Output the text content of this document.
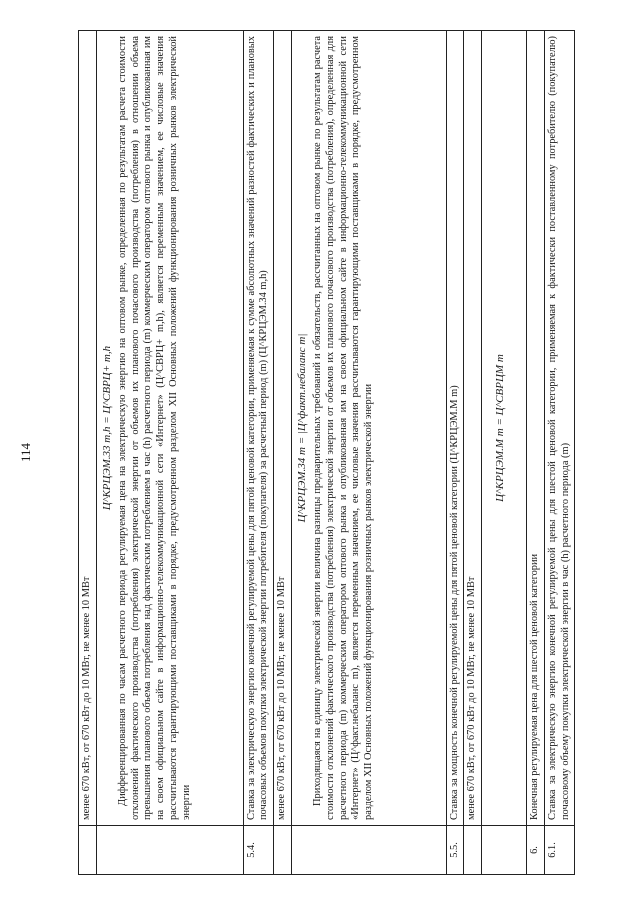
114
	менее 670 кВт, от 670 кВт до 10 МВт, не менее 10 МВт

	Ц^КРЦЭМ.33 m,h = Ц^СВРЦ+ m,h Дифференцированная по часам расчетного периода регулируемая цена на электрическую энергию на оптовом рынке, определенная по результатам расчета стоимости отклонений фактического производства (потребления) электрической энергии от объемов их планового почасового производства (потребления) в отношении объема превышения планового объема потребления над фактическим потреблением в час (h) расчетного периода (m) коммерческим оператором оптового рынка и опубликованная им на своем официальном сайте в информационно-телекоммуникационной сети «Интернет» (Ц^СВРЦ+ m,h), является переменным значением, ее числовые значения рассчитываются гарантирующими поставщиками в порядке, предусмотренном разделом XII Основных положений функционирования розничных рынков электрической энергии

5.4.	Ставка за электрическую энергию конечной регулируемой цены для пятой ценовой категории, применяемая к сумме абсолютных значений разностей фактических и плановых почасовых объемов покупки электрической энергии потребителя (покупателя) за расчетный период (m) (Ц^КРЦЭМ.34 m,h)
	менее 670 кВт, от 670 кВт до 10 МВт, не менее 10 МВт

	Ц^КРЦЭМ.34 m = |Ц^факт.небаланс m| Приходящаяся на единицу электрической энергии величина разницы предварительных требований и обязательств, рассчитанных на оптовом рынке по результатам расчета стоимости отклонений фактического производства (потребления) электрической энергии от объемов их планового почасового производства (потребления), определенная для расчетного периода (m) коммерческим оператором оптового рынка и опубликованная им на своем официальном сайте в информационно-телекоммуникационной сети «Интернет» (Ц^факт.небаланс m), является переменным значением, ее числовые значения рассчитываются гарантирующими поставщиками в порядке, предусмотренном разделом XII Основных положений функционирования розничных рынков электрической энергии

5.5.	Ставка за мощность конечной регулируемой цены для пятой ценовой категории (Ц^КРЦЭМ.М m)
	менее 670 кВт, от 670 кВт до 10 МВт, не менее 10 МВт

	Ц^КРЦЭМ.М m = Ц^СВРЦМ m

6.	Конечная регулируемая цена для шестой ценовой категории
6.1.	Ставка за электрическую энергию конечной регулируемой цены для шестой ценовой категории, применяемая к фактически поставленному потребителю (покупателю) почасовому объему покупки электрической энергии в час (h) расчетного периода (m)
